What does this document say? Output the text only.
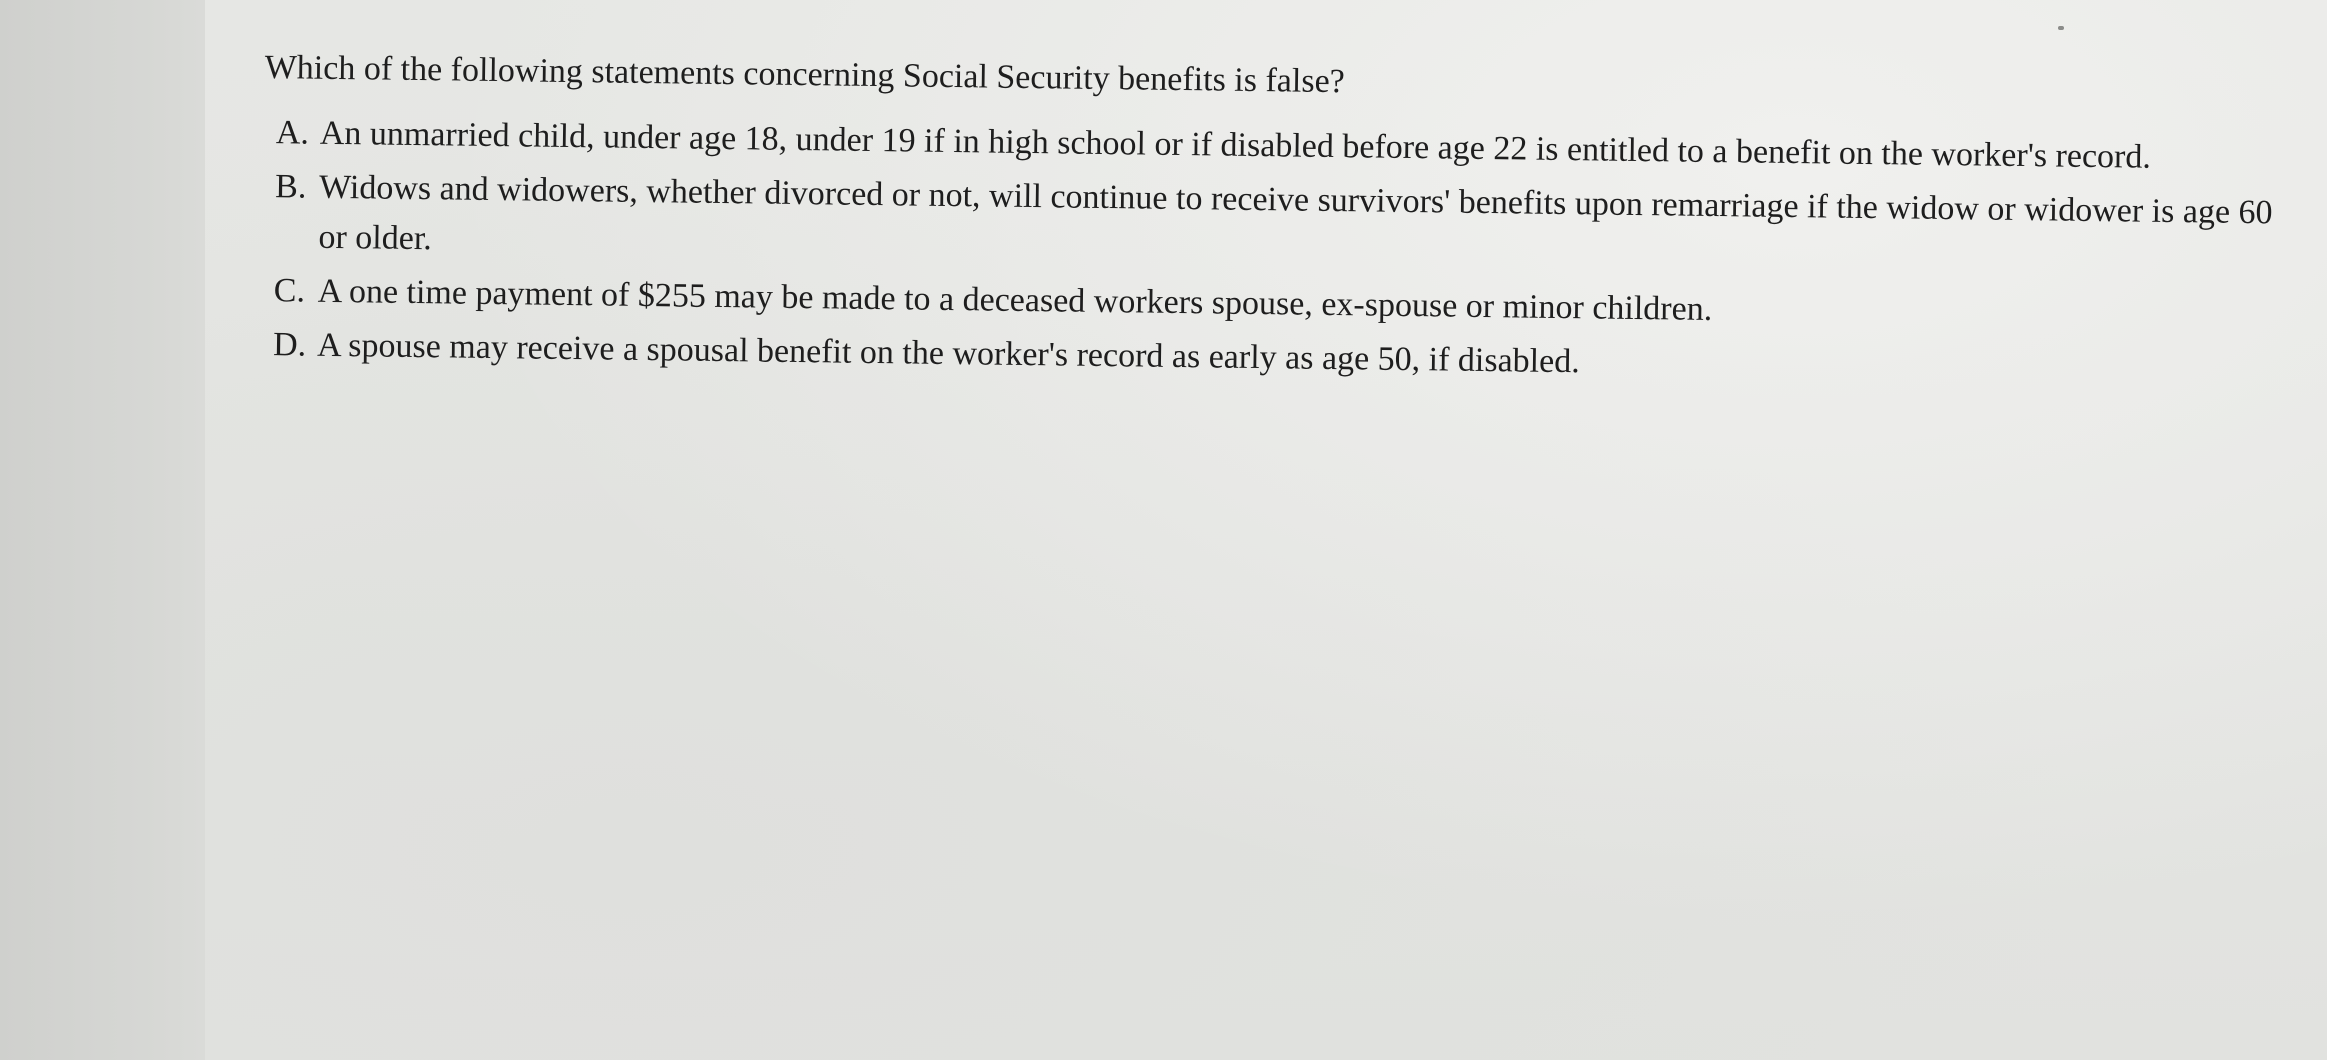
Which of the following statements concerning Social Security benefits is false?

A. An unmarried child, under age 18, under 19 if in high school or if disabled before age 22 is entitled to a benefit on the worker's record.
B. Widows and widowers, whether divorced or not, will continue to receive survivors' benefits upon remarriage if the widow or widower is age 60 or older.
C. A one time payment of $255 may be made to a deceased workers spouse, ex-spouse or minor children.
D. A spouse may receive a spousal benefit on the worker's record as early as age 50, if disabled.
